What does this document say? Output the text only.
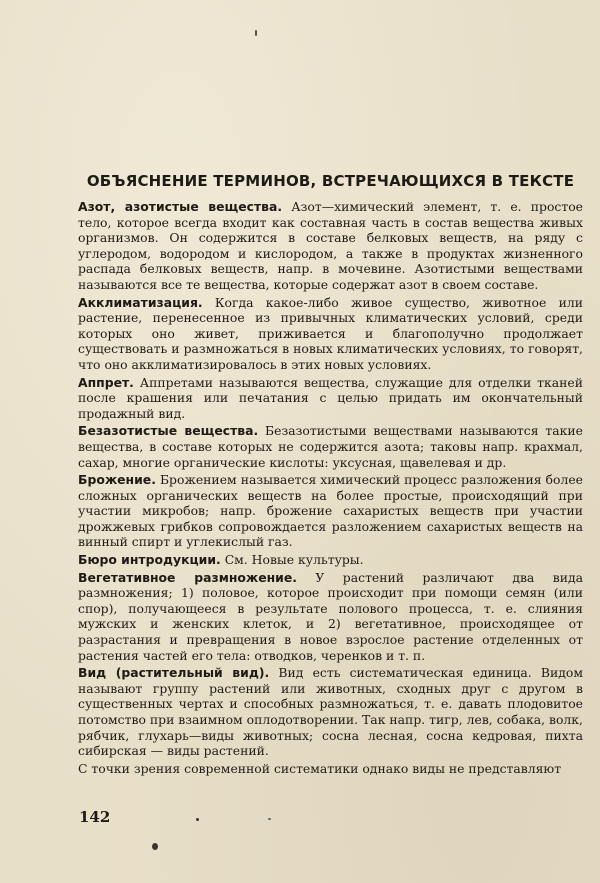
ОБЪЯСНЕНИЕ ТЕРМИНОВ, ВСТРЕЧАЮЩИХСЯ В ТЕКСТЕ

Азот, азотистые вещества. Азот—химический элемент, т. е. простое тело, которое всегда входит как составная часть в состав вещества живых организмов. Он содержится в составе белковых веществ, на ряду с углеродом, водородом и кислородом, а также в продуктах жизненного распада белковых веществ, напр. в мочевине. Азотистыми веществами называются все те вещества, которые содержат азот в своем составе.

Акклиматизация. Когда какое-либо живое существо, животное или растение, перенесенное из привычных климатических условий, среди которых оно живет, приживается и благополучно продолжает существовать и размножаться в новых климатических условиях, то говорят, что оно акклиматизировалось в этих новых условиях.

Аппрет. Аппретами называются вещества, служащие для отделки тканей после крашения или печатания с целью придать им окончательный продажный вид.

Безазотистые вещества. Безазотистыми веществами называются такие вещества, в составе которых не содержится азота; таковы напр. крахмал, сахар, многие органические кислоты: уксусная, щавелевая и др.

Брожение. Брожением называется химический процесс разложения более сложных органических веществ на более простые, происходящий при участии микробов; напр. брожение сахаристых веществ при участии дрожжевых грибков сопровождается разложением сахаристых веществ на винный спирт и углекислый газ.

Бюро интродукции. См. Новые культуры.

Вегетативное размножение. У растений различают два вида размножения; 1) половое, которое происходит при помощи семян (или спор), получающееся в результате полового процесса, т. е. слияния мужских и женских клеток, и 2) вегетативное, происходящее от разрастания и превращения в новое взрослое растение отделенных от растения частей его тела: отводков, черенков и т. п.

Вид (растительный вид). Вид есть систематическая единица. Видом называют группу растений или животных, сходных друг с другом в существенных чертах и способных размножаться, т. е. давать плодовитое потомство при взаимном оплодотворении. Так напр. тигр, лев, собака, волк, рябчик, глухарь—виды животных; сосна лесная, сосна кедровая, пихта сибирская — виды растений.

С точки зрения современной систематики однако виды не представляют

142
